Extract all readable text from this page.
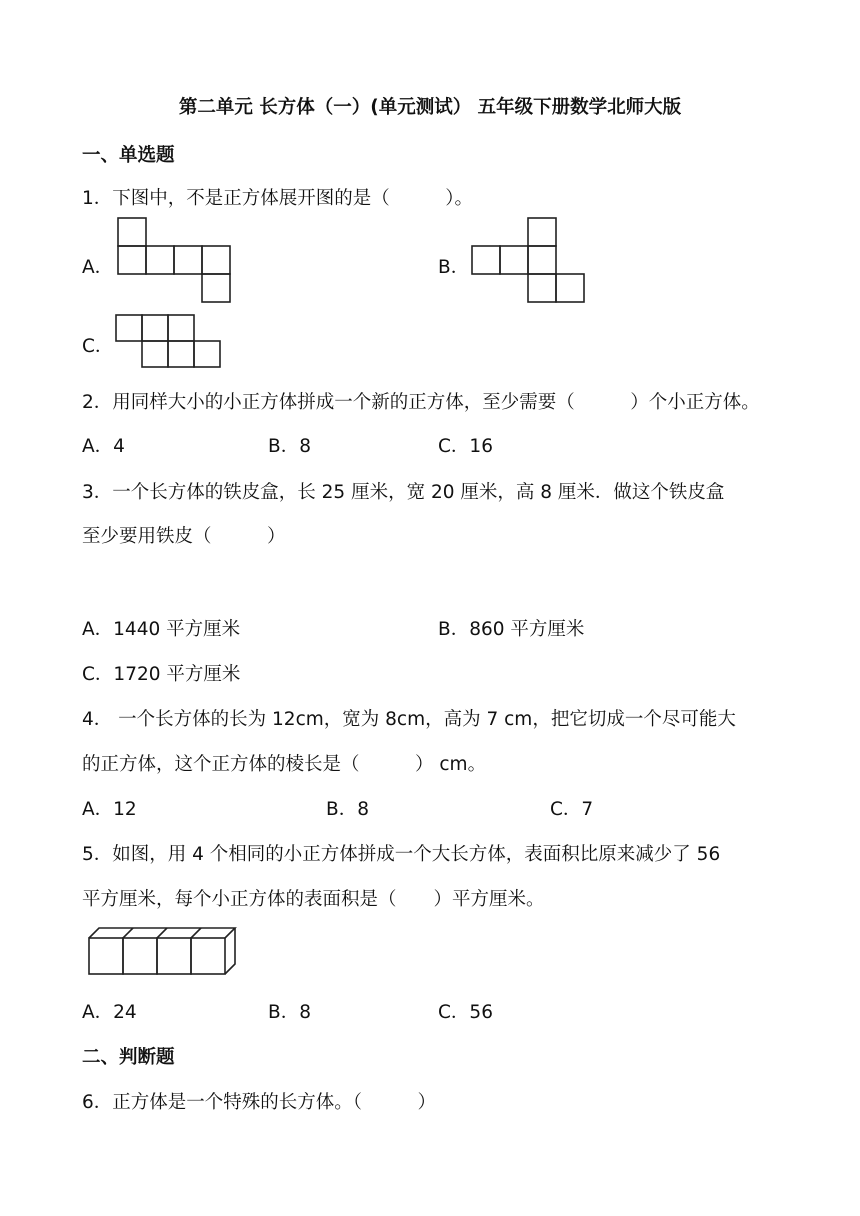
第二单元 长方体（一）(单元测试） 五年级下册数学北师大版
一、单选题
1．下图中，不是正方体展开图的是（　　　）。
A．	B．
C．
2．用同样大小的小正方体拼成一个新的正方体，至少需要（　　　）个小正方体。
A．4	B．8	C．16
3．一个长方体的铁皮盒，长 25 厘米，宽 20 厘米，高 8 厘米．做这个铁皮盒
至少要用铁皮（　　　）
A．1440 平方厘米	B．860 平方厘米
C．1720 平方厘米
4． 一个长方体的长为 12cm，宽为 8cm，高为 7 cm，把它切成一个尽可能大
的正方体，这个正方体的棱长是（　　　） cm。
A．12	B．8	C．7
5．如图，用 4 个相同的小正方体拼成一个大长方体，表面积比原来减少了 56
平方厘米，每个小正方体的表面积是（　　）平方厘米。
A．24	B．8	C．56
二、判断题
6．正方体是一个特殊的长方体。（　　　）
